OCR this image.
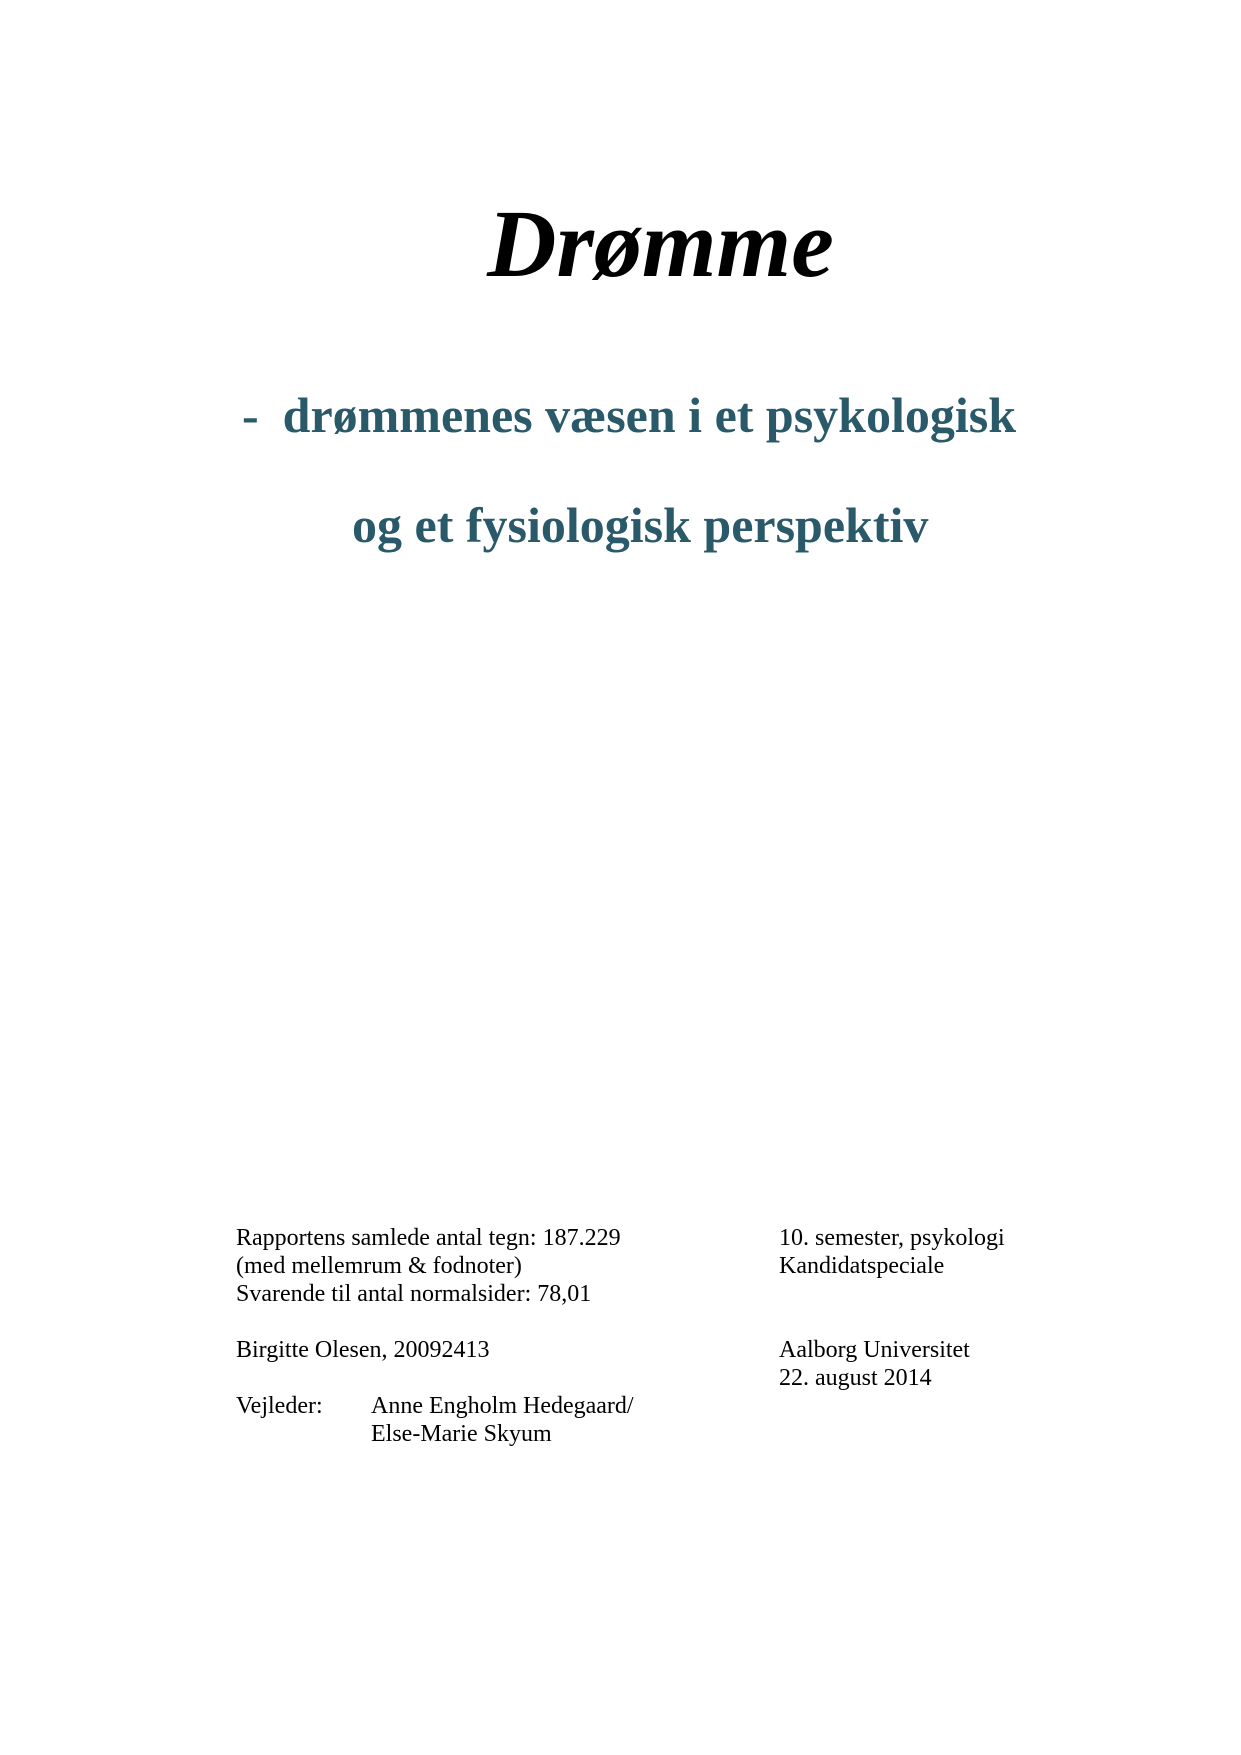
Drømme
- drømmenes væsen i et psykologisk
og et fysiologisk perspektiv
Rapportens samlede antal tegn: 187.229
(med mellemrum & fodnoter)
Svarende til antal normalsider: 78,01
Birgitte Olesen, 20092413
Vejleder: Anne Engholm Hedegaard/
Else-Marie Skyum
10. semester, psykologi
Kandidatspeciale
Aalborg Universitet
22. august 2014
